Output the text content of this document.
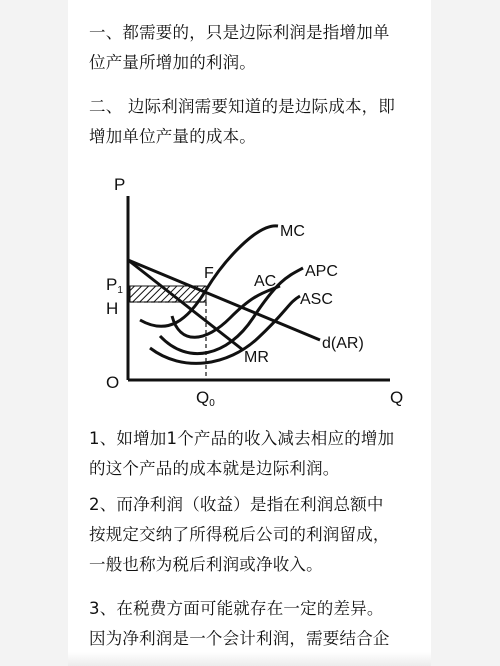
一、都需要的，只是边际利润是指增加单
位产量所增加的利润。
二、 边际利润需要知道的是边际成本，即
增加单位产量的成本。
P
Q
O
P1
H
Q0
F
MC
AC
APC
ASC
d(AR)
MR
1、如增加1个产品的收入减去相应的增加
的这个产品的成本就是边际利润。
2、而净利润（收益）是指在利润总额中
按规定交纳了所得税后公司的利润留成，
一般也称为税后利润或净收入。
3、在税费方面可能就存在一定的差异。
因为净利润是一个会计利润，需要结合企
